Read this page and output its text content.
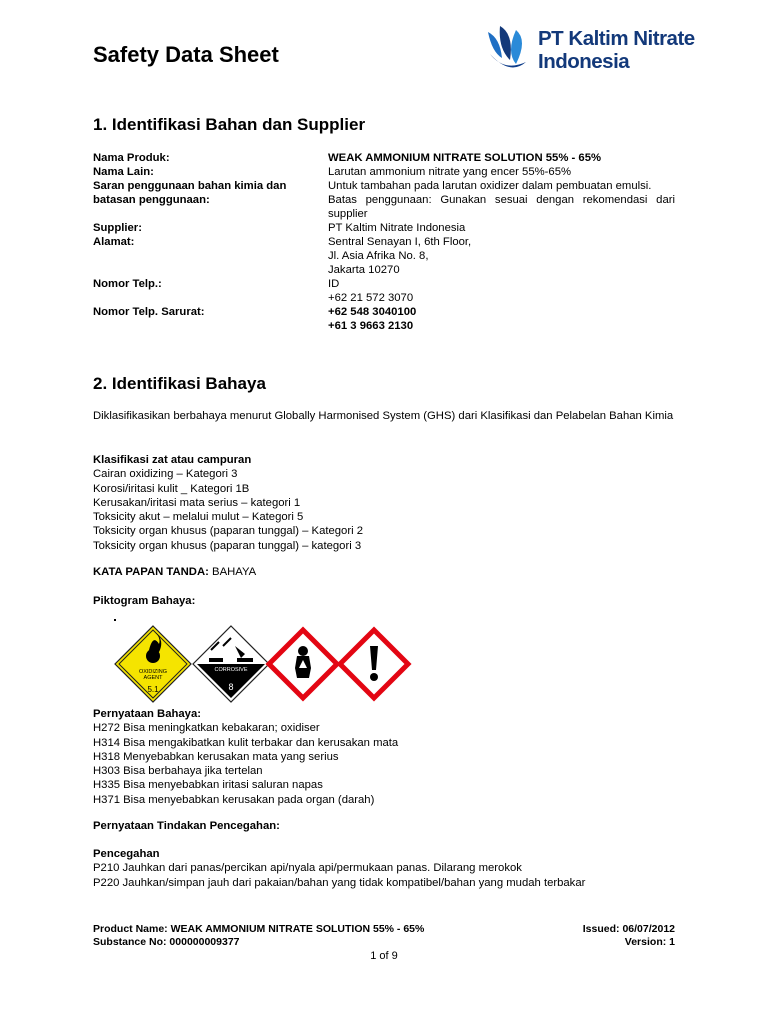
Safety Data Sheet
PT Kaltim Nitrate
Indonesia
1. Identifikasi Bahan dan Supplier
Nama Produk:	WEAK AMMONIUM NITRATE SOLUTION 55% - 65%
Nama Lain:	Larutan ammonium nitrate yang encer 55%-65%
Saran penggunaan bahan kimia dan batasan penggunaan:
Untuk tambahan pada larutan oxidizer dalam pembuatan emulsi.
Batas penggunaan: Gunakan sesuai dengan rekomendasi dari supplier
Supplier:	PT Kaltim Nitrate Indonesia
Alamat:	Sentral Senayan I, 6th Floor,
Jl. Asia Afrika No. 8,
Jakarta 10270
Nomor Telp.:	ID
+62 21 572 3070
Nomor Telp. Sarurat:	+62 548 3040100
+61 3 9663 2130
2. Identifikasi Bahaya
Diklasifikasikan berbahaya menurut Globally Harmonised System (GHS) dari Klasifikasi dan Pelabelan Bahan Kimia
Klasifikasi zat atau campuran
Cairan oxidizing – Kategori 3
Korosi/iritasi kulit _ Kategori 1B
Kerusakan/iritasi mata serius – kategori 1
Toksicity akut – melalui mulut – Kategori 5
Toksicity organ khusus (paparan tunggal) – Kategori 2
Toksicity organ khusus (paparan tunggal) – kategori 3
KATA PAPAN TANDA: BAHAYA
Piktogram Bahaya:
OXIDIZING
AGENT
5.1
CORROSIVE
8
Pernyataan Bahaya:
H272 Bisa meningkatkan kebakaran; oxidiser
H314 Bisa mengakibatkan kulit terbakar dan kerusakan mata
H318 Menyebabkan kerusakan mata yang serius
H303 Bisa berbahaya jika tertelan
H335 Bisa menyebabkan iritasi saluran napas
H371 Bisa menyebabkan kerusakan pada organ (darah)
Pernyataan Tindakan Pencegahan:
Pencegahan
P210 Jauhkan dari panas/percikan api/nyala api/permukaan panas. Dilarang merokok
P220 Jauhkan/simpan jauh dari pakaian/bahan yang tidak kompatibel/bahan yang mudah terbakar
Product Name: WEAK AMMONIUM NITRATE SOLUTION 55% - 65%	Issued: 06/07/2012
Substance No: 000000009377	Version: 1
1 of 9
